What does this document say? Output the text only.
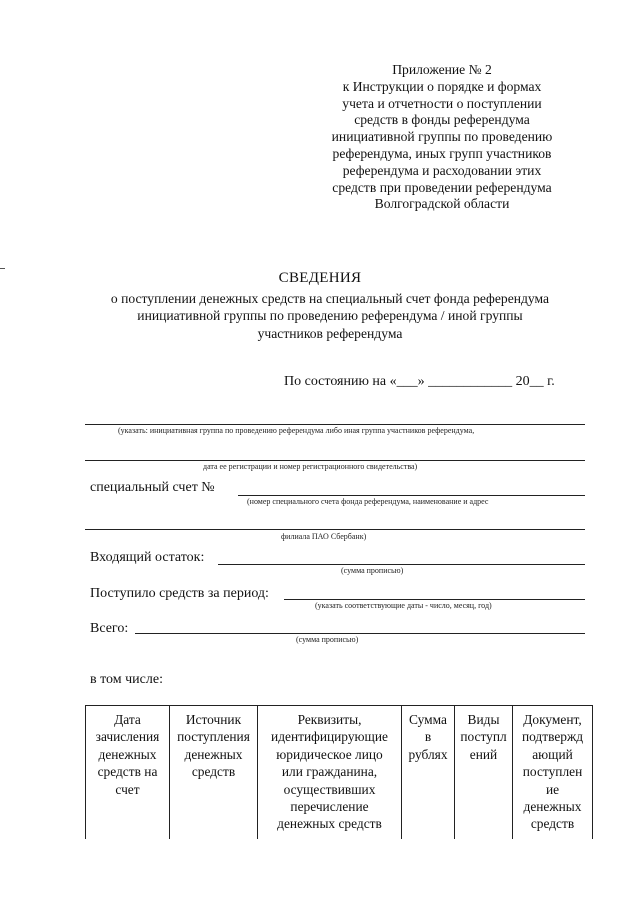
Приложение № 2
к Инструкции о порядке и формах
учета и отчетности о поступлении
средств в фонды референдума
инициативной группы по проведению
референдума, иных групп участников
референдума и расходовании этих
средств при проведении референдума
Волгоградской области
СВЕДЕНИЯ
о поступлении денежных средств на специальный счет фонда референдума
инициативной группы по проведению референдума / иной группы
участников референдума
По состоянию на «___» ____________ 20__ г.
(указать: инициативная группа по проведению референдума либо иная группа участников референдума,
дата ее регистрации и номер регистрационного свидетельства)
специальный счет №
(номер специального счета фонда референдума, наименование и адрес
филиала ПАО Сбербанк)
Входящий остаток:
(сумма прописью)
Поступило средств за период:
(указать соответствующие даты - число, месяц, год)
Всего:
(сумма прописью)
в том числе:
Дата
зачисления
денежных
средств на
счет

Источник
поступления
денежных
средств

Реквизиты,
идентифицирующие
юридическое лицо
или гражданина,
осуществивших
перечисление
денежных средств

Сумма
в
рублях

Виды
поступл
ений

Документ,
подтвержд
ающий
поступлен
ие
денежных
средств
